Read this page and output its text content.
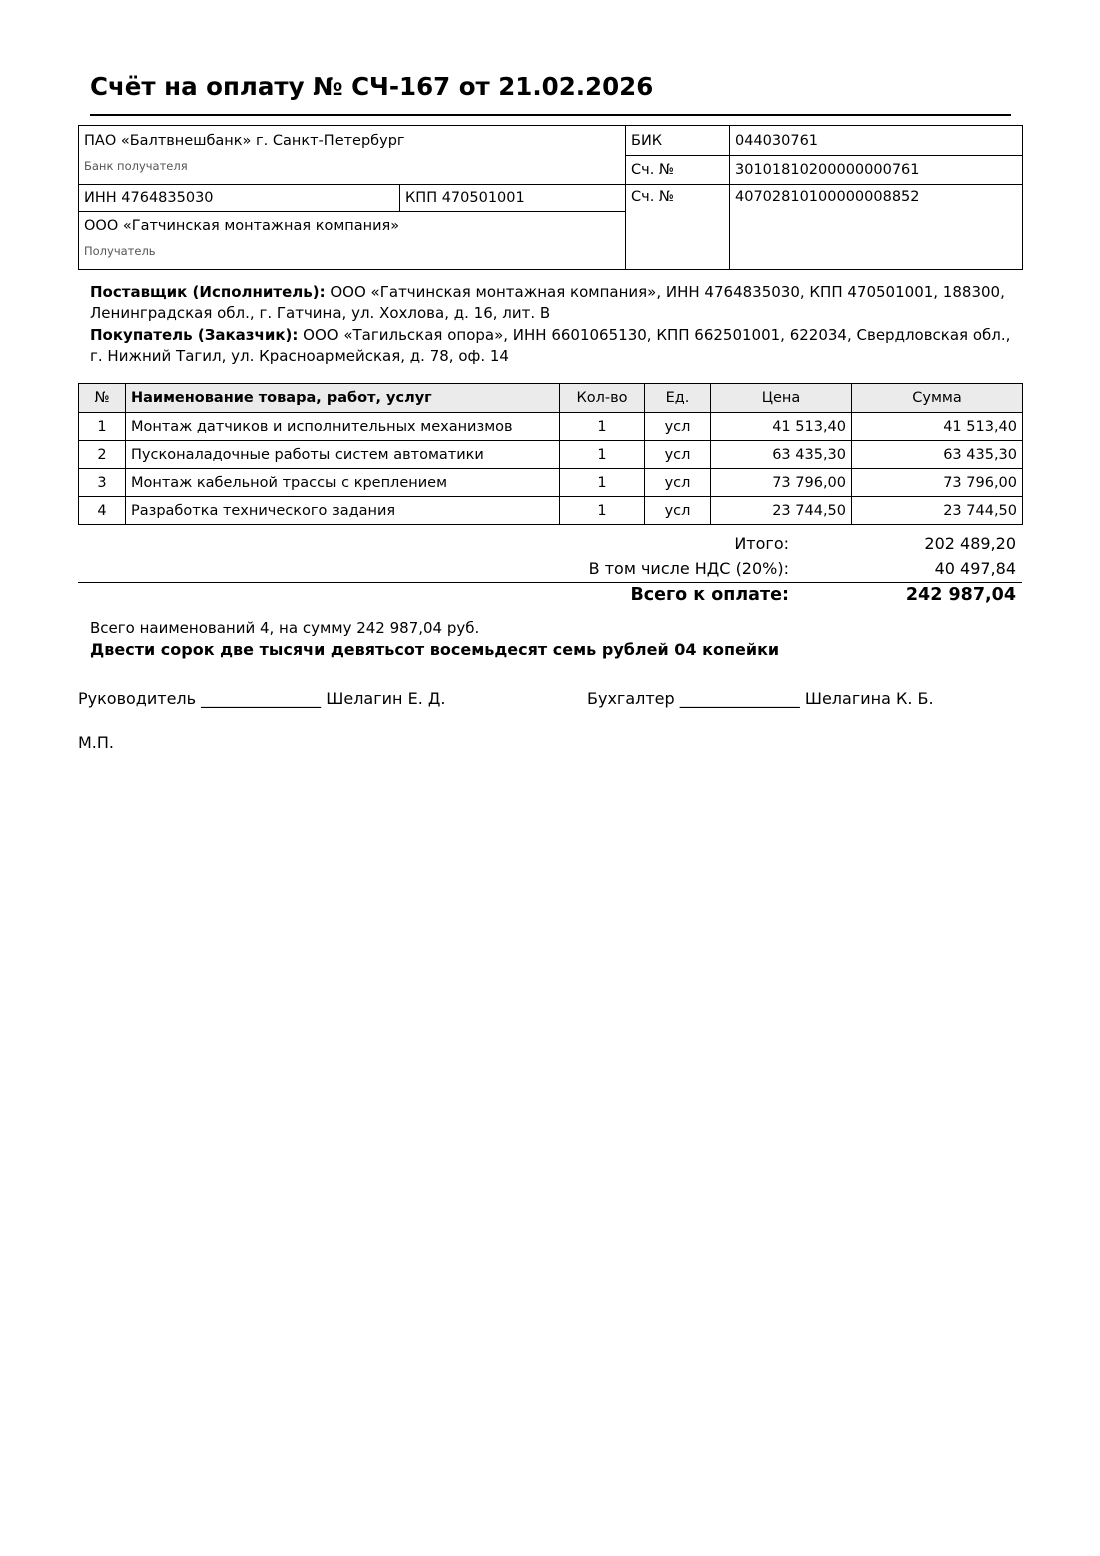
Счёт на оплату № СЧ-167 от 21.02.2026
ПАО «Балтвнешбанк» г. Санкт-Петербург		БИК	044030761
Банк получателя		Сч. №	30101810200000000761
ИНН 4764835030	КПП 470501001	Сч. №	40702810100000008852
ООО «Гатчинская монтажная компания»			
Получатель			

Поставщик (Исполнитель): ООО «Гатчинская монтажная компания», ИНН 4764835030, КПП 470501001, 188300, Ленинградская обл., г. Гатчина, ул. Хохлова, д. 16, лит. В

Покупатель (Заказчик): ООО «Тагильская опора», ИНН 6601065130, КПП 662501001, 622034, Свердловская обл., г. Нижний Тагил, ул. Красноармейская, д. 78, оф. 14

№	Наименование товара, работ, услуг	Кол-во	Ед.	Цена	Сумма
1	Монтаж датчиков и исполнительных механизмов	1	усл	41 513,40	41 513,40
2	Пусконаладочные работы систем автоматики	1	усл	63 435,30	63 435,30
3	Монтаж кабельной трассы с креплением	1	усл	73 796,00	73 796,00
4	Разработка технического задания	1	усл	23 744,50	23 744,50
Итого:	202 489,20
В том числе НДС (20%):	40 497,84
Всего к оплате:	242 987,04
Всего наименований 4, на сумму 242 987,04 руб.
Двести сорок две тысячи девятьсот восемьдесят семь рублей 04 копейки
Руководитель _______________ Шелагин Е. Д.	Бухгалтер _______________ Шелагина К. Б.
М.П.
